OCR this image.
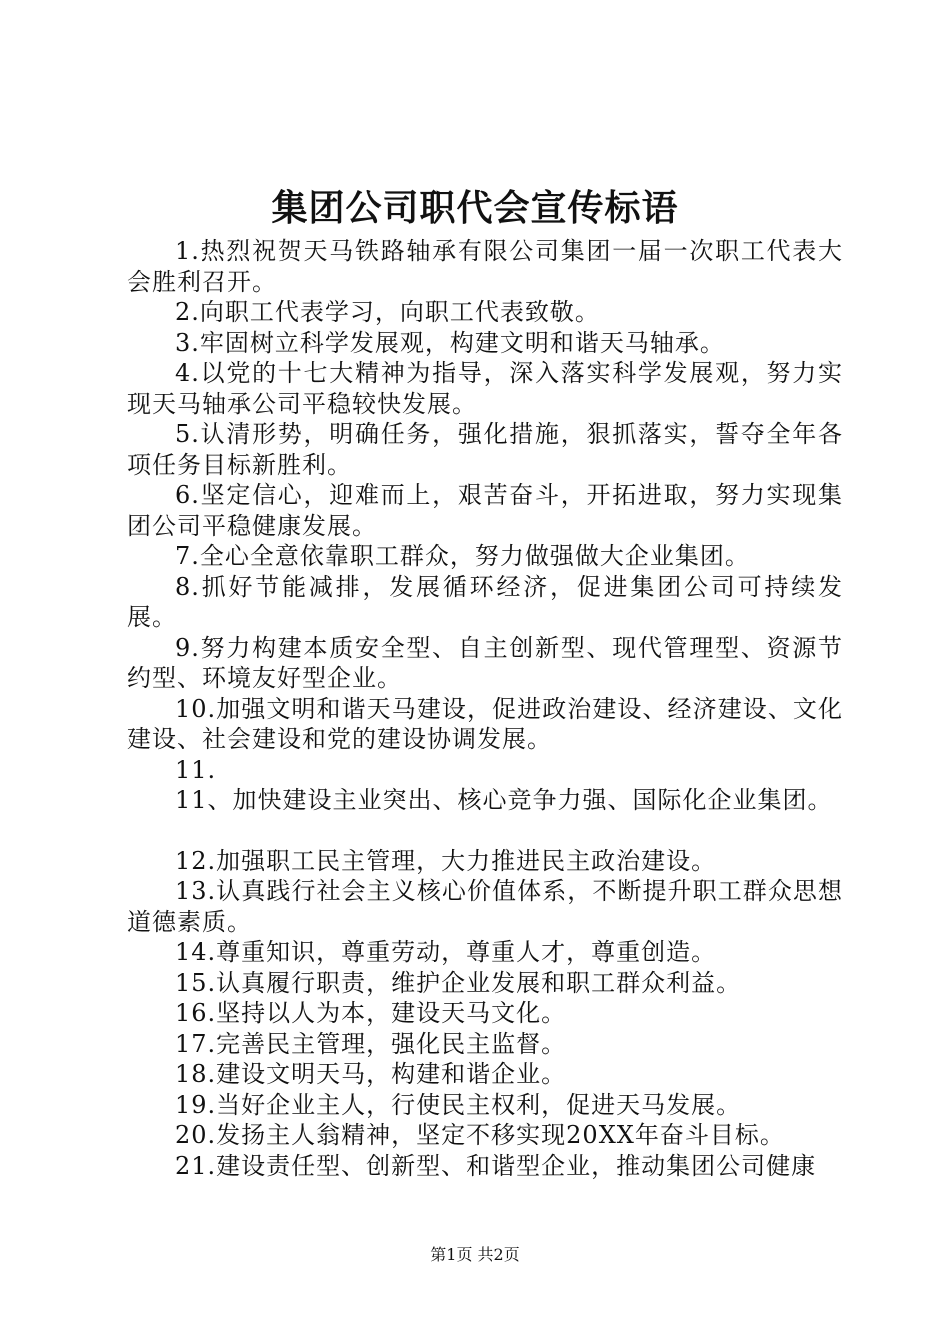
集团公司职代会宣传标语

1.热烈祝贺天马铁路轴承有限公司集团一届一次职工代表大会胜利召开。

2.向职工代表学习，向职工代表致敬。

3.牢固树立科学发展观，构建文明和谐天马轴承。

4.以党的十七大精神为指导，深入落实科学发展观，努力实现天马轴承公司平稳较快发展。

5.认清形势，明确任务，强化措施，狠抓落实，誓夺全年各项任务目标新胜利。

6.坚定信心，迎难而上，艰苦奋斗，开拓进取，努力实现集团公司平稳健康发展。

7.全心全意依靠职工群众，努力做强做大企业集团。

8.抓好节能减排，发展循环经济，促进集团公司可持续发展。

9.努力构建本质安全型、自主创新型、现代管理型、资源节约型、环境友好型企业。

10.加强文明和谐天马建设，促进政治建设、经济建设、文化建设、社会建设和党的建设协调发展。

11.

11、加快建设主业突出、核心竞争力强、国际化企业集团。

12.加强职工民主管理，大力推进民主政治建设。

13.认真践行社会主义核心价值体系，不断提升职工群众思想道德素质。

14.尊重知识，尊重劳动，尊重人才，尊重创造。

15.认真履行职责，维护企业发展和职工群众利益。

16.坚持以人为本，建设天马文化。

17.完善民主管理，强化民主监督。

18.建设文明天马，构建和谐企业。

19.当好企业主人，行使民主权利，促进天马发展。

20.发扬主人翁精神，坚定不移实现20XX年奋斗目标。

21.建设责任型、创新型、和谐型企业，推动集团公司健康

第1页 共2页
